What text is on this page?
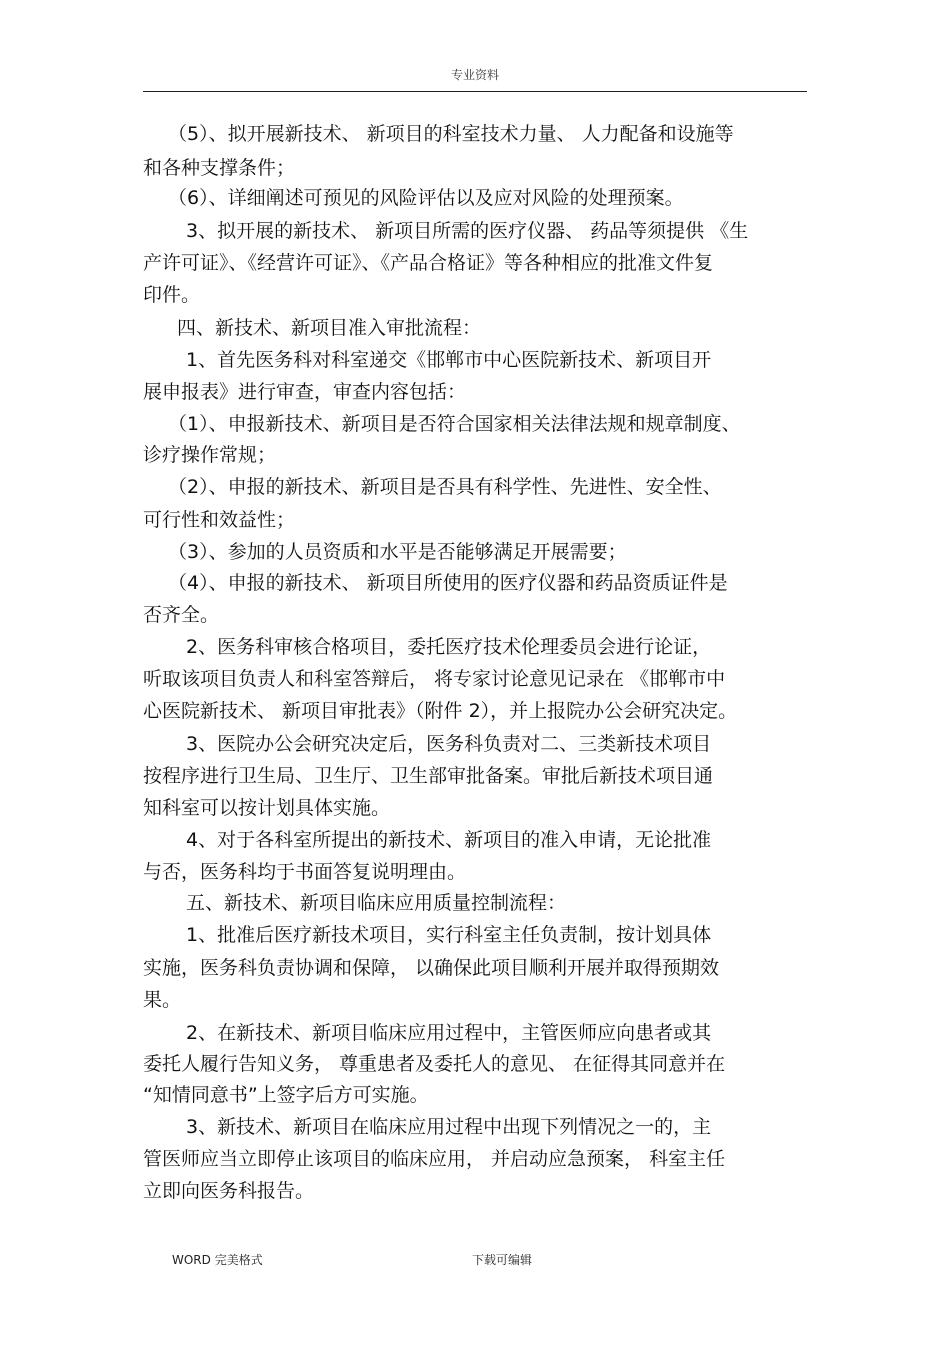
专业资料

（5）、拟开展新技术、 新项目的科室技术力量、 人力配备和设施等

和各种支撑条件；

（6）、详细阐述可预见的风险评估以及应对风险的处理预案。

3、拟开展的新技术、 新项目所需的医疗仪器、 药品等须提供 《生

产许可证》、《经营许可证》、《产品合格证》等各种相应的批准文件复

印件。

四、新技术、新项目准入审批流程：

1、首先医务科对科室递交《邯郸市中心医院新技术、新项目开

展申报表》进行审查，审查内容包括：

（1）、申报新技术、新项目是否符合国家相关法律法规和规章制度、

诊疗操作常规；

（2）、申报的新技术、新项目是否具有科学性、先进性、安全性、

可行性和效益性；

（3）、参加的人员资质和水平是否能够满足开展需要；

（4）、申报的新技术、 新项目所使用的医疗仪器和药品资质证件是

否齐全。

2、医务科审核合格项目，委托医疗技术伦理委员会进行论证，

听取该项目负责人和科室答辩后， 将专家讨论意见记录在 《邯郸市中

心医院新技术、 新项目审批表》（附件 2），并上报院办公会研究决定。

3、医院办公会研究决定后，医务科负责对二、三类新技术项目

按程序进行卫生局、卫生厅、卫生部审批备案。审批后新技术项目通

知科室可以按计划具体实施。

4、对于各科室所提出的新技术、新项目的准入申请，无论批准

与否，医务科均于书面答复说明理由。

五、新技术、新项目临床应用质量控制流程：

1、批准后医疗新技术项目，实行科室主任负责制，按计划具体

实施，医务科负责协调和保障， 以确保此项目顺利开展并取得预期效

果。

2、在新技术、新项目临床应用过程中，主管医师应向患者或其

委托人履行告知义务， 尊重患者及委托人的意见、 在征得其同意并在

“知情同意书”上签字后方可实施。

3、新技术、新项目在临床应用过程中出现下列情况之一的，主

管医师应当立即停止该项目的临床应用， 并启动应急预案， 科室主任

立即向医务科报告。

WORD 完美格式	下载可编辑
